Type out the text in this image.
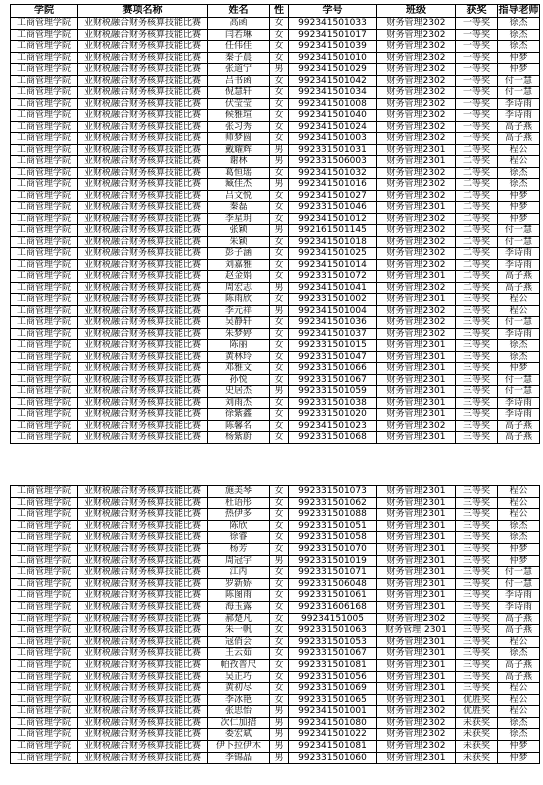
学院	赛项名称	姓名	性	学号	班级	获奖	指导老师
工商管理学院	业财税融合财务核算技能比赛	高函	女	992341501033	财务管理2302	一等奖	徐杰
工商管理学院	业财税融合财务核算技能比赛	闫若琳	女	992341501017	财务管理2302	一等奖	徐杰
工商管理学院	业财税融合财务核算技能比赛	任伟佳	女	992341501039	财务管理2302	一等奖	徐杰
工商管理学院	业财税融合财务核算技能比赛	秦子晨	女	992341501010	财务管理2302	一等奖	仲梦
工商管理学院	业财税融合财务核算技能比赛	张道宁	男	992341501029	财务管理2302	一等奖	仲梦
工商管理学院	业财税融合财务核算技能比赛	吕书函	女	992341501042	财务管理2302	一等奖	付一慧
工商管理学院	业财税融合财务核算技能比赛	倪慧轩	女	992341501034	财务管理2302	一等奖	付一慧
工商管理学院	业财税融合财务核算技能比赛	伏莹莹	女	992341501008	财务管理2302	一等奖	李诗雨
工商管理学院	业财税融合财务核算技能比赛	候雅瑄	女	992341501040	财务管理2302	一等奖	李诗雨
工商管理学院	业财税融合财务核算技能比赛	张习秀	女	992341501024	财务管理2302	一等奖	高子燕
工商管理学院	业财税融合财务核算技能比赛	师梦圆	女	992341501003	财务管理2302	一等奖	高子燕
工商管理学院	业财税融合财务核算技能比赛	戴耀辉	男	992331501031	财务管理2301	二等奖	程公
工商管理学院	业财税融合财务核算技能比赛	谢林	男	992331506003	财务管理2301	二等奖	程公
工商管理学院	业财税融合财务核算技能比赛	葛恒瑶	女	992341501032	财务管理2302	二等奖	徐杰
工商管理学院	业财税融合财务核算技能比赛	臧佳杰	男	992341501016	财务管理2302	二等奖	徐杰
工商管理学院	业财税融合财务核算技能比赛	吕文悦	女	992341501027	财务管理2302	二等奖	仲梦
工商管理学院	业财税融合财务核算技能比赛	秦磊	女	992331501046	财务管理2301	二等奖	仲梦
工商管理学院	业财税融合财务核算技能比赛	李星玥	女	992341501012	财务管理2302	二等奖	仲梦
工商管理学院	业财税融合财务核算技能比赛	张颖	男	992161501145	财务管理2302	二等奖	付一慧
工商管理学院	业财税融合财务核算技能比赛	朱颖	女	992341501018	财务管理2302	二等奖	付一慧
工商管理学院	业财税融合财务核算技能比赛	彭子涵	女	992341501025	财务管理2302	二等奖	李诗雨
工商管理学院	业财税融合财务核算技能比赛	刘嘉雅	女	992341501014	财务管理2302	二等奖	李诗雨
工商管理学院	业财税融合财务核算技能比赛	赵金娟	女	992331501072	财务管理2301	二等奖	高子燕
工商管理学院	业财税融合财务核算技能比赛	周宏志	男	992341501041	财务管理2302	二等奖	高子燕
工商管理学院	业财税融合财务核算技能比赛	陈雨欣	女	992331501002	财务管理2301	三等奖	程公
工商管理学院	业财税融合财务核算技能比赛	李元祥	男	992341501004	财务管理2302	三等奖	程公
工商管理学院	业财税融合财务核算技能比赛	吴静轩	女	992341501036	财务管理2302	三等奖	付一慧
工商管理学院	业财税融合财务核算技能比赛	朱梦婷	女	992341501037	财务管理2302	三等奖	李诗雨
工商管理学院	业财税融合财务核算技能比赛	陈丽	女	992331501015	财务管理2301	三等奖	徐杰
工商管理学院	业财税融合财务核算技能比赛	黄林玲	女	992331501047	财务管理2301	三等奖	徐杰
工商管理学院	业财税融合财务核算技能比赛	邓雅文	女	992331501066	财务管理2301	三等奖	仲梦
工商管理学院	业财税融合财务核算技能比赛	孙悦	女	992331501067	财务管理2301	三等奖	付一慧
工商管理学院	业财税融合财务核算技能比赛	史居杰	男	992331501059	财务管理2301	三等奖	付一慧
工商管理学院	业财税融合财务核算技能比赛	刘雨杰	女	992331501038	财务管理2301	三等奖	李诗雨
工商管理学院	业财税融合财务核算技能比赛	徐紫鑫	女	992331501020	财务管理2301	三等奖	李诗雨
工商管理学院	业财税融合财务核算技能比赛	陈馨名	女	992341501023	财务管理2302	三等奖	高子燕
工商管理学院	业财税融合财务核算技能比赛	杨紫蔚	女	992331501068	财务管理2301	三等奖	高子燕
工商管理学院	业财税融合财务核算技能比赛	施美琴	女	992331501073	财务管理2301	三等奖	程公
工商管理学院	业财税融合财务核算技能比赛	杜语彤	女	992331501062	财务管理2301	三等奖	程公
工商管理学院	业财税融合财务核算技能比赛	热伊多	女	992331501088	财务管理2301	三等奖	程公
工商管理学院	业财税融合财务核算技能比赛	陈欣	女	992331501051	财务管理2301	三等奖	徐杰
工商管理学院	业财税融合财务核算技能比赛	徐睿	女	992331501058	财务管理2301	三等奖	徐杰
工商管理学院	业财税融合财务核算技能比赛	杨芳	女	992331501070	财务管理2301	三等奖	仲梦
工商管理学院	业财税融合财务核算技能比赛	周冠宇	男	992331501019	财务管理2301	三等奖	仲梦
工商管理学院	业财税融合财务核算技能比赛	江丙	女	992331501071	财务管理2301	三等奖	付一慧
工商管理学院	业财税融合财务核算技能比赛	罗新娇	女	992331506048	财务管理2301	三等奖	付一慧
工商管理学院	业财税融合财务核算技能比赛	陈图雨	女	992331501061	财务管理2301	三等奖	李诗雨
工商管理学院	业财税融合财务核算技能比赛	海玉露	女	992331606168	财务管理2301	三等奖	李诗雨
工商管理学院	业财税融合财务核算技能比赛	郝楚凡	女	99234151005	财务管理2302	三等奖	高子燕
工商管理学院	业财税融合财务核算技能比赛	朱一帆	女	992331501063	财务管理 2301	三等奖	高子燕
工商管理学院	业财税融合财务核算技能比赛	冦俏会	女	992331501053	财务管理2301	三等奖	程公
工商管理学院	业财税融合财务核算技能比赛	王云茹	女	992331501067	财务管理2301	三等奖	徐杰
工商管理学院	业财税融合财务核算技能比赛	帕孜普尺	女	992331501081	财务管理2301	三等奖	高子燕
工商管理学院	业财税融合财务核算技能比赛	吴正巧	女	992331501056	财务管理2301	三等奖	高子燕
工商管理学院	业财税融合财务核算技能比赛	黄初尽	女	992331501069	财务管理2301	三等奖	程公
工商管理学院	业财税融合财务核算技能比赛	李冰艳	女	992331501065	财务管理2301	优胜奖	程公
工商管理学院	业财税融合财务核算技能比赛	张思怡	男	992341501001	财务管理2302	优胜奖	程公
工商管理学院	业财税融合财务核算技能比赛	次仁加措	男	992341501080	财务管理2302	未获奖	徐杰
工商管理学院	业财税融合财务核算技能比赛	娄宏斌	男	992341501022	财务管理2302	未获奖	徐杰
工商管理学院	业财税融合财务核算技能比赛	伊卜拉伊木	男	992341501081	财务管理2302	未获奖	仲梦
工商管理学院	业财税融合财务核算技能比赛	李锦晶	男	992331501060	财务管理2301	未获奖	仲梦
